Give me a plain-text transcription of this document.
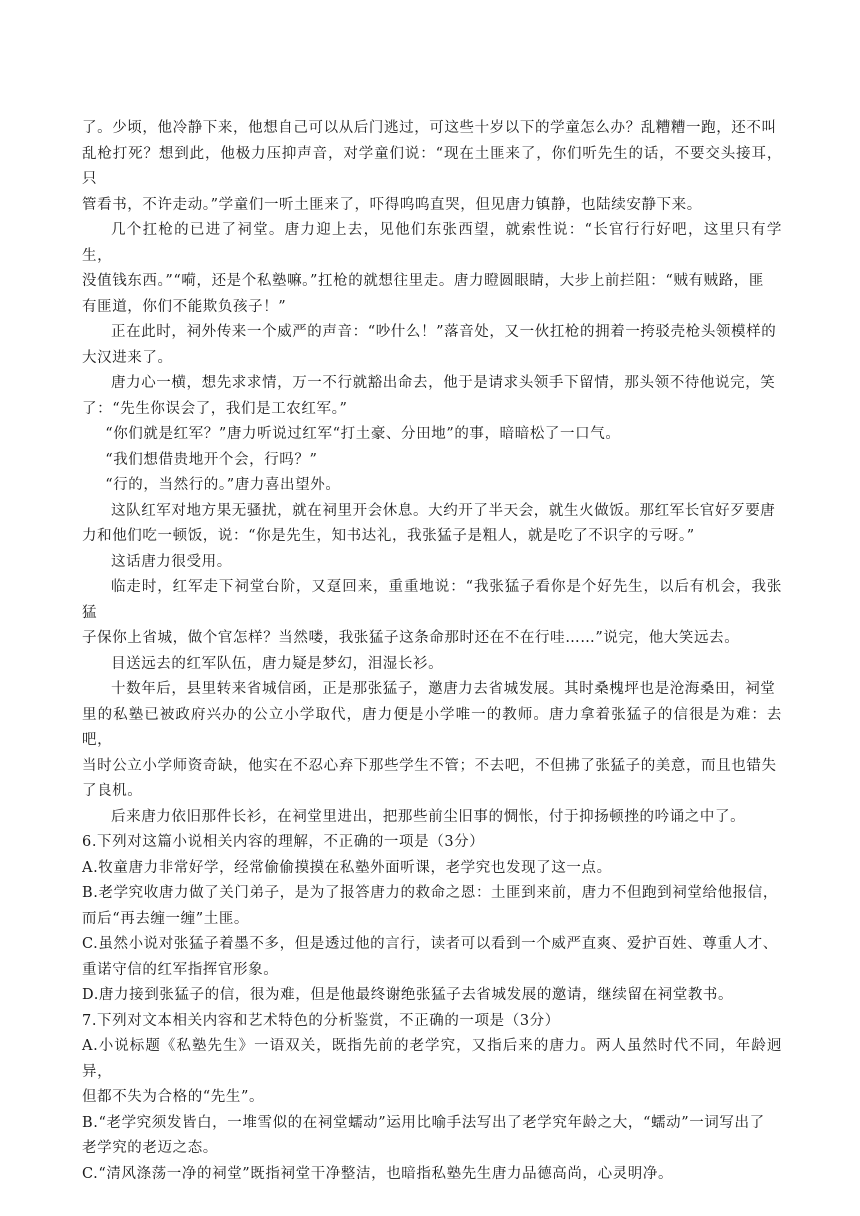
了。少顷，他冷静下来，他想自己可以从后门逃过，可这些十岁以下的学童怎么办？乱糟糟一跑，还不叫
乱枪打死？想到此，他极力压抑声音，对学童们说：“现在土匪来了，你们听先生的话，不要交头接耳，只
管看书，不许走动。”学童们一听土匪来了，吓得呜呜直哭，但见唐力镇静，也陆续安静下来。
几个扛枪的已进了祠堂。唐力迎上去，见他们东张西望，就索性说：“长官行行好吧，这里只有学生，
没值钱东西。”“嗬，还是个私塾嘛。”扛枪的就想往里走。唐力瞪圆眼睛，大步上前拦阻：“贼有贼路，匪
有匪道，你们不能欺负孩子！”
正在此时，祠外传来一个威严的声音：“吵什么！”落音处，又一伙扛枪的拥着一挎驳壳枪头领模样的
大汉进来了。
唐力心一横，想先求求情，万一不行就豁出命去，他于是请求头领手下留情，那头领不待他说完，笑
了：“先生你误会了，我们是工农红军。”
“你们就是红军？”唐力听说过红军“打土豪、分田地”的事，暗暗松了一口气。
“我们想借贵地开个会，行吗？”
“行的，当然行的。”唐力喜出望外。
这队红军对地方果无骚扰，就在祠里开会休息。大约开了半天会，就生火做饭。那红军长官好歹要唐
力和他们吃一顿饭，说：“你是先生，知书达礼，我张猛子是粗人，就是吃了不识字的亏呀。”
这话唐力很受用。
临走时，红军走下祠堂台阶，又趸回来，重重地说：“我张猛子看你是个好先生，以后有机会，我张猛
子保你上省城，做个官怎样？当然喽，我张猛子这条命那时还在不在行哇……”说完，他大笑远去。
目送远去的红军队伍，唐力疑是梦幻，泪湿长衫。
十数年后，县里转来省城信函，正是那张猛子，邀唐力去省城发展。其时桑槐坪也是沧海桑田，祠堂
里的私塾已被政府兴办的公立小学取代，唐力便是小学唯一的教师。唐力拿着张猛子的信很是为难：去吧，
当时公立小学师资奇缺，他实在不忍心弃下那些学生不管；不去吧，不但拂了张猛子的美意，而且也错失
了良机。
后来唐力依旧那件长衫，在祠堂里进出，把那些前尘旧事的惆怅，付于抑扬顿挫的吟诵之中了。
6.下列对这篇小说相关内容的理解，不正确的一项是（3分）
A.牧童唐力非常好学，经常偷偷摸摸在私塾外面听课，老学究也发现了这一点。
B.老学究收唐力做了关门弟子，是为了报答唐力的救命之恩：土匪到来前，唐力不但跑到祠堂给他报信，
而后“再去缠一缠”土匪。
C.虽然小说对张猛子着墨不多，但是透过他的言行，读者可以看到一个威严直爽、爱护百姓、尊重人才、
重诺守信的红军指挥官形象。
D.唐力接到张猛子的信，很为难，但是他最终谢绝张猛子去省城发展的邀请，继续留在祠堂教书。
7.下列对文本相关内容和艺术特色的分析鉴赏，不正确的一项是（3分）
A.小说标题《私塾先生》一语双关，既指先前的老学究，又指后来的唐力。两人虽然时代不同，年龄迥异，
但都不失为合格的“先生”。
B.“老学究须发皆白，一堆雪似的在祠堂蠕动”运用比喻手法写出了老学究年龄之大，“蠕动”一词写出了
老学究的老迈之态。
C.“清风涤荡一净的祠堂”既指祠堂干净整洁，也暗指私塾先生唐力品德高尚，心灵明净。
